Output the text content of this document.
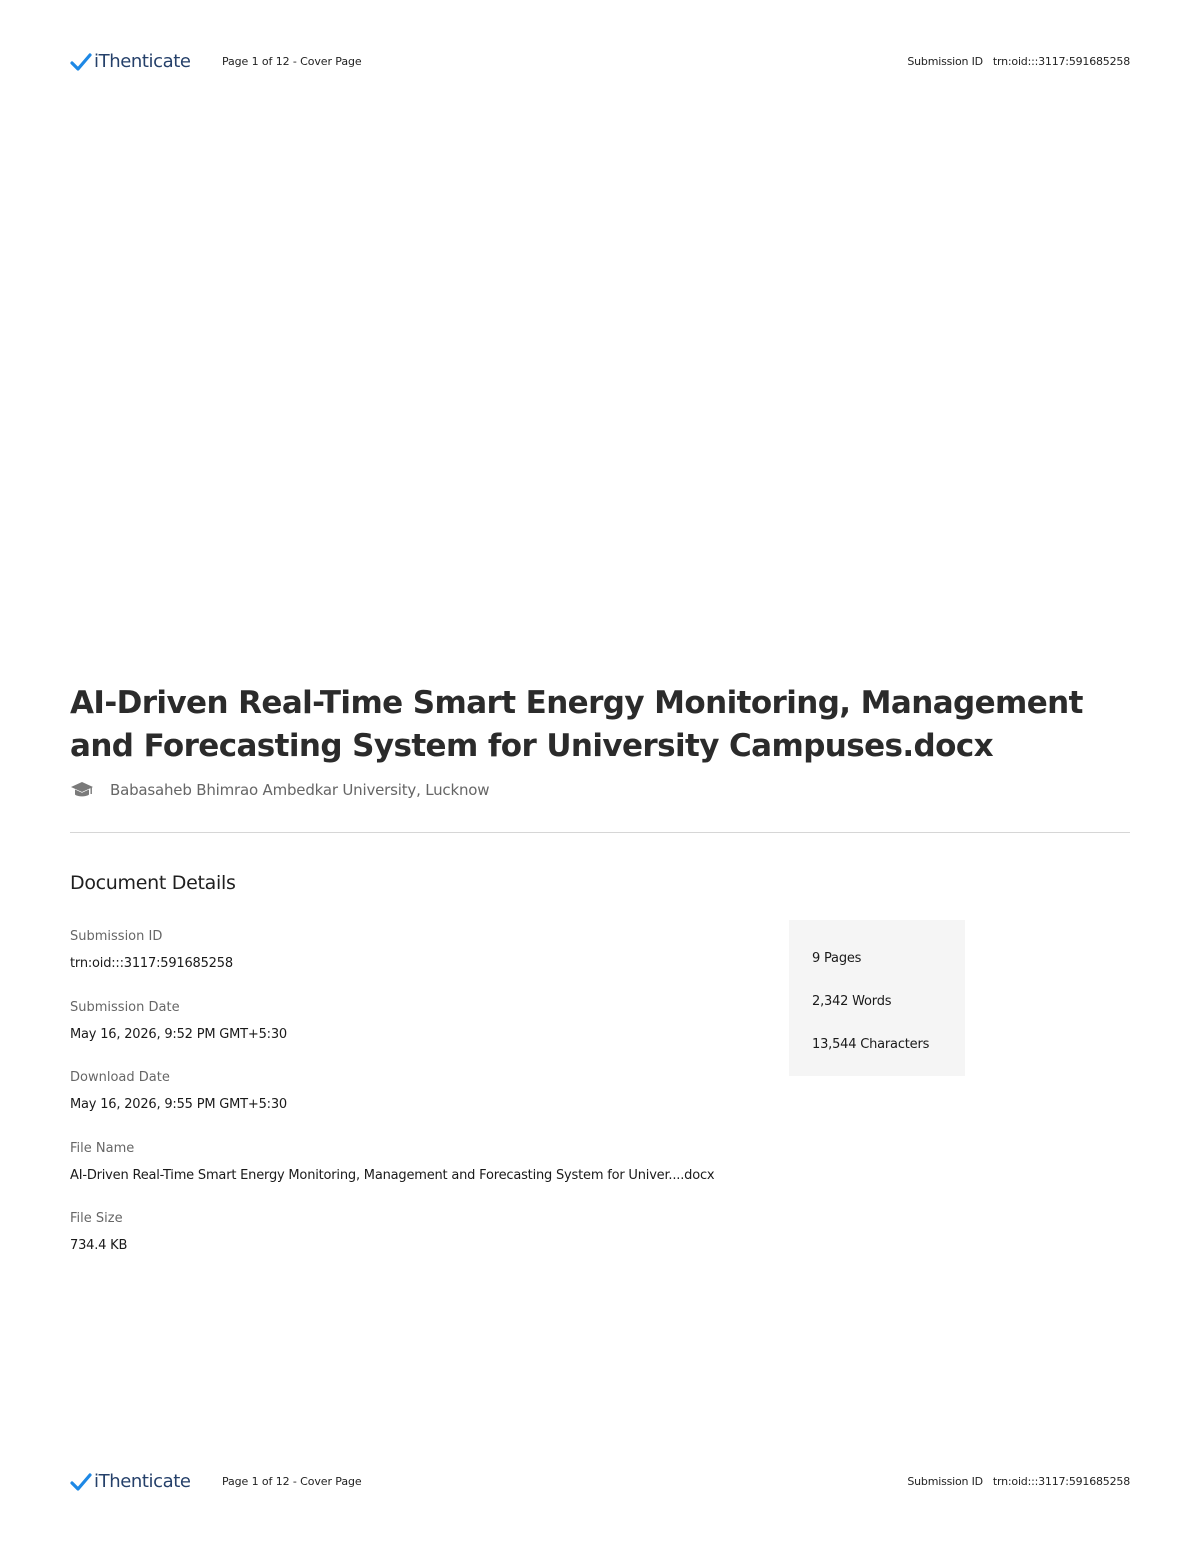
iThenticate	Page 1 of 12 - Cover Page	Submission ID trn:oid:::3117:591685258
AI-Driven Real-Time Smart Energy Monitoring, Management and Forecasting System for University Campuses.docx
Babasaheb Bhimrao Ambedkar University, Lucknow
Document Details
Submission ID
trn:oid:::3117:591685258
Submission Date
May 16, 2026, 9:52 PM GMT+5:30
Download Date
May 16, 2026, 9:55 PM GMT+5:30
File Name
AI-Driven Real-Time Smart Energy Monitoring, Management and Forecasting System for Univer....docx
File Size
734.4 KB
9 Pages
2,342 Words
13,544 Characters
iThenticate	Page 1 of 12 - Cover Page	Submission ID trn:oid:::3117:591685258
